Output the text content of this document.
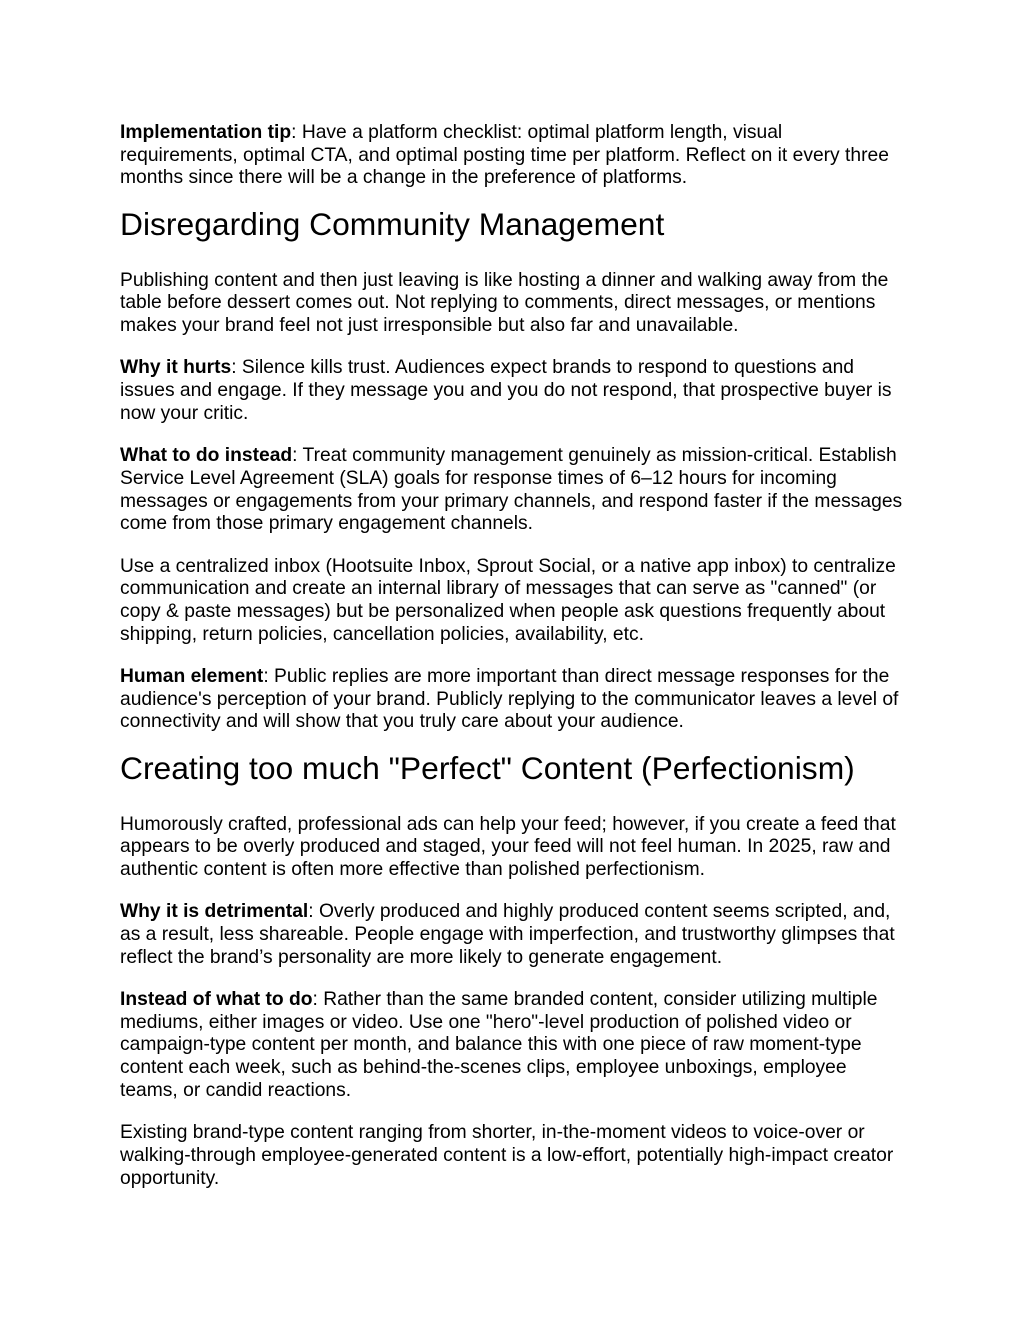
Implementation tip: Have a platform checklist: optimal platform length, visual requirements, optimal CTA, and optimal posting time per platform. Reflect on it every three months since there will be a change in the preference of platforms.

Disregarding Community Management

Publishing content and then just leaving is like hosting a dinner and walking away from the table before dessert comes out. Not replying to comments, direct messages, or mentions makes your brand feel not just irresponsible but also far and unavailable.

Why it hurts: Silence kills trust. Audiences expect brands to respond to questions and issues and engage. If they message you and you do not respond, that prospective buyer is now your critic.

What to do instead: Treat community management genuinely as mission-critical. Establish Service Level Agreement (SLA) goals for response times of 6–12 hours for incoming messages or engagements from your primary channels, and respond faster if the messages come from those primary engagement channels.

Use a centralized inbox (Hootsuite Inbox, Sprout Social, or a native app inbox) to centralize communication and create an internal library of messages that can serve as "canned" (or copy & paste messages) but be personalized when people ask questions frequently about shipping, return policies, cancellation policies, availability, etc.

Human element: Public replies are more important than direct message responses for the audience's perception of your brand. Publicly replying to the communicator leaves a level of connectivity and will show that you truly care about your audience.

Creating too much "Perfect" Content (Perfectionism)

Humorously crafted, professional ads can help your feed; however, if you create a feed that appears to be overly produced and staged, your feed will not feel human. In 2025, raw and authentic content is often more effective than polished perfectionism.

Why it is detrimental: Overly produced and highly produced content seems scripted, and, as a result, less shareable. People engage with imperfection, and trustworthy glimpses that reflect the brand’s personality are more likely to generate engagement.

Instead of what to do: Rather than the same branded content, consider utilizing multiple mediums, either images or video. Use one "hero"-level production of polished video or campaign-type content per month, and balance this with one piece of raw moment-type content each week, such as behind-the-scenes clips, employee unboxings, employee teams, or candid reactions.

Existing brand-type content ranging from shorter, in-the-moment videos to voice-over or walking-through employee-generated content is a low-effort, potentially high-impact creator opportunity.
